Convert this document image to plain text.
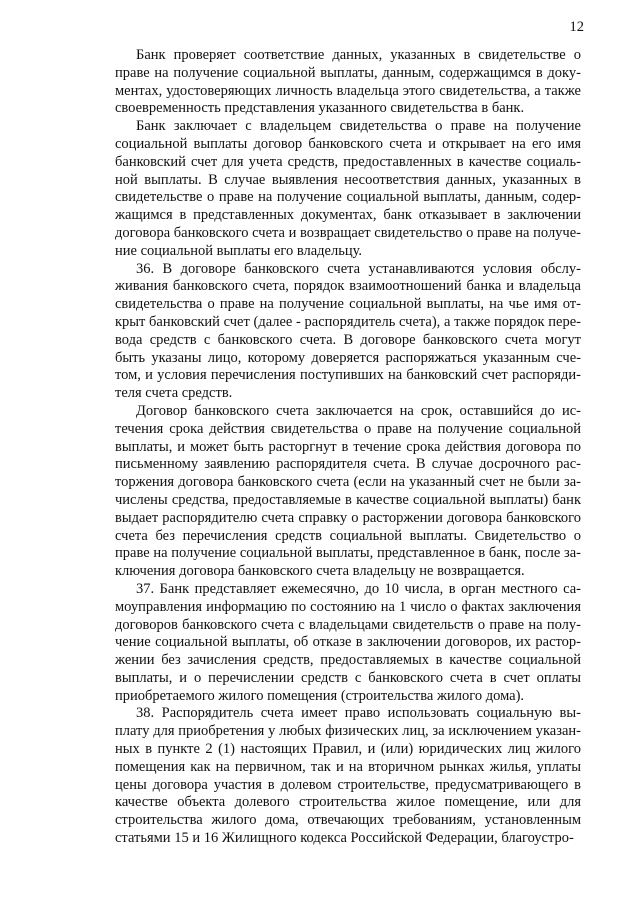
12

Банк проверяет соответствие данных, указанных в свидетельстве о праве на получение социальной выплаты, данным, содержащимся в документах, удостоверяющих личность владельца этого свидетельства, а также своевременность представления указанного свидетельства в банк.

Банк заключает с владельцем свидетельства о праве на получение социальной выплаты договор банковского счета и открывает на его имя банковский счет для учета средств, предоставленных в качестве социальной выплаты. В случае выявления несоответствия данных, указанных в свидетельстве о праве на получение социальной выплаты, данным, содержащимся в представленных документах, банк отказывает в заключении договора банковского счета и возвращает свидетельство о праве на получение социальной выплаты его владельцу.

36. В договоре банковского счета устанавливаются условия обслуживания банковского счета, порядок взаимоотношений банка и владельца свидетельства о праве на получение социальной выплаты, на чье имя открыт банковский счет (далее - распорядитель счета), а также порядок перевода средств с банковского счета. В договоре банковского счета могут быть указаны лицо, которому доверяется распоряжаться указанным счетом, и условия перечисления поступивших на банковский счет распорядителя счета средств.

Договор банковского счета заключается на срок, оставшийся до истечения срока действия свидетельства о праве на получение социальной выплаты, и может быть расторгнут в течение срока действия договора по письменному заявлению распорядителя счета. В случае досрочного расторжения договора банковского счета (если на указанный счет не были зачислены средства, предоставляемые в качестве социальной выплаты) банк выдает распорядителю счета справку о расторжении договора банковского счета без перечисления средств социальной выплаты. Свидетельство о праве на получение социальной выплаты, представленное в банк, после заключения договора банковского счета владельцу не возвращается.

37. Банк представляет ежемесячно, до 10 числа, в орган местного самоуправления информацию по состоянию на 1 число о фактах заключения договоров банковского счета с владельцами свидетельств о праве на получение социальной выплаты, об отказе в заключении договоров, их расторжении без зачисления средств, предоставляемых в качестве социальной выплаты, и о перечислении средств с банковского счета в счет оплаты приобретаемого жилого помещения (строительства жилого дома).

38. Распорядитель счета имеет право использовать социальную выплату для приобретения у любых физических лиц, за исключением указанных в пункте 2 (1) настоящих Правил, и (или) юридических лиц жилого помещения как на первичном, так и на вторичном рынках жилья, уплаты цены договора участия в долевом строительстве, предусматривающего в качестве объекта долевого строительства жилое помещение, или для строительства жилого дома, отвечающих требованиям, установленным статьями 15 и 16 Жилищного кодекса Российской Федерации, благоустро-
